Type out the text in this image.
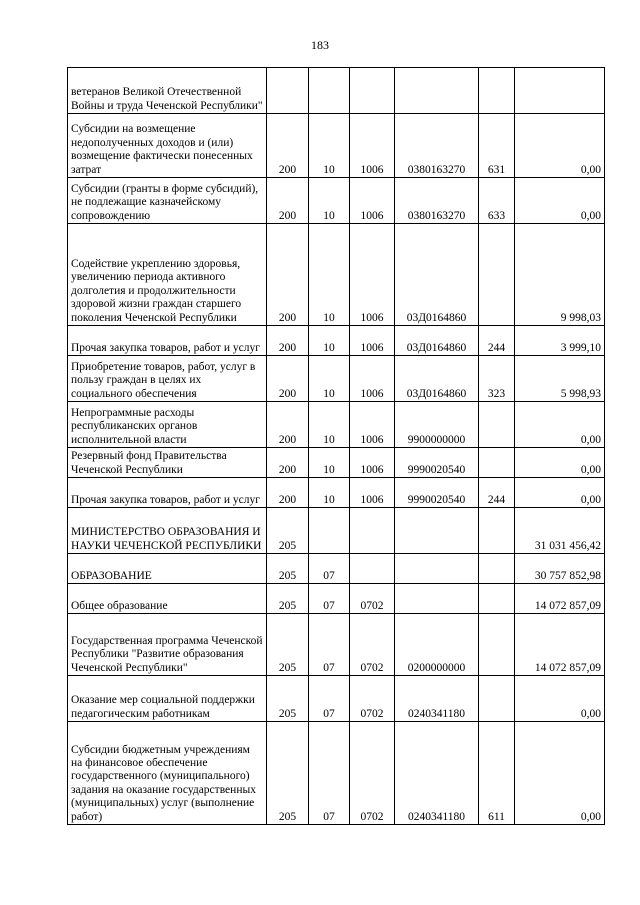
183
ветеранов Великой Отечественной Войны и труда Чеченской Республики"						
Субсидии на возмещение недополученных доходов и (или) возмещение фактически понесенных затрат	200	10	1006	0380163270	631	0,00
Субсидии (гранты в форме субсидий), не подлежащие казначейскому сопровождению	200	10	1006	0380163270	633	0,00
Содействие укреплению здоровья, увеличению периода активного долголетия и продолжительности здоровой жизни граждан старшего поколения Чеченской Республики	200	10	1006	03Д0164860		9 998,03
Прочая закупка товаров, работ и услуг	200	10	1006	03Д0164860	244	3 999,10
Приобретение товаров, работ, услуг в пользу граждан в целях их социального обеспечения	200	10	1006	03Д0164860	323	5 998,93
Непрограммные расходы республиканских органов исполнительной власти	200	10	1006	9900000000		0,00
Резервный фонд Правительства Чеченской Республики	200	10	1006	9990020540		0,00
Прочая закупка товаров, работ и услуг	200	10	1006	9990020540	244	0,00
МИНИСТЕРСТВО ОБРАЗОВАНИЯ И НАУКИ ЧЕЧЕНСКОЙ РЕСПУБЛИКИ	205					31 031 456,42
ОБРАЗОВАНИЕ	205	07				30 757 852,98
Общее образование	205	07	0702			14 072 857,09
Государственная программа Чеченской Республики "Развитие образования Чеченской Республики"	205	07	0702	0200000000		14 072 857,09
Оказание мер социальной поддержки педагогическим работникам	205	07	0702	0240341180		0,00
Субсидии бюджетным учреждениям на финансовое обеспечение государственного (муниципального) задания на оказание государственных (муниципальных) услуг (выполнение работ)	205	07	0702	0240341180	611	0,00
